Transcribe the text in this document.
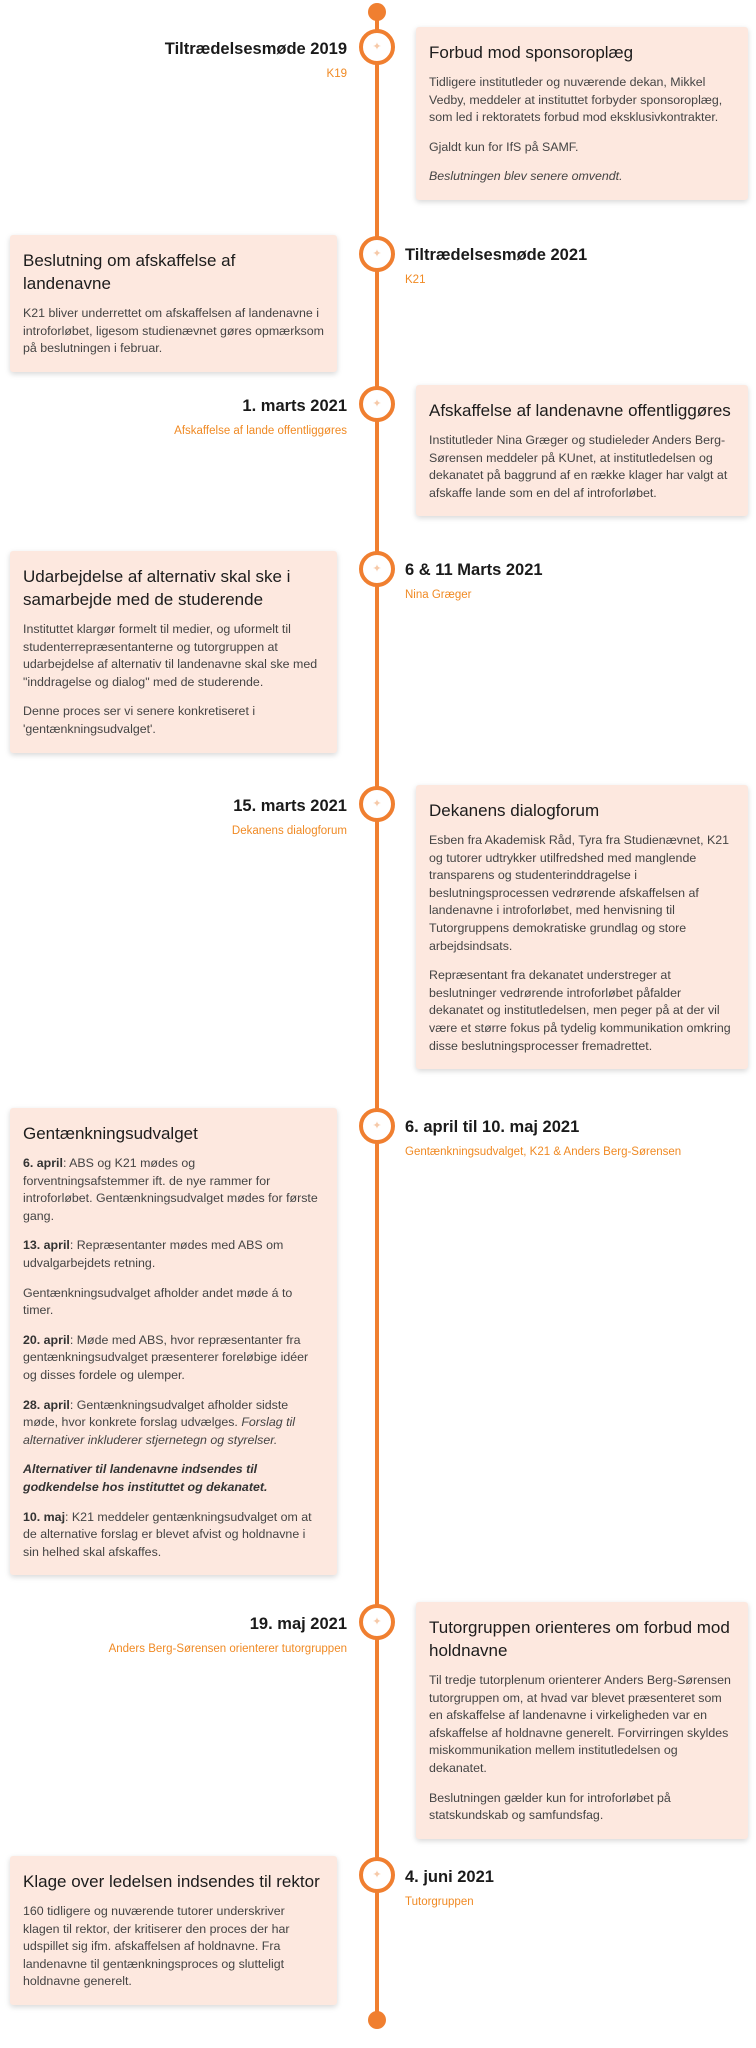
✦
Tiltrædelsesmøde 2019
K19
Forbud mod sponsoroplæg

Tidligere institutleder og nuværende dekan, Mikkel Vedby, meddeler at instituttet forbyder sponsoroplæg, som led i rektoratets forbud mod eksklusivkontrakter.

Gjaldt kun for IfS på SAMF.

Beslutningen blev senere omvendt.

✦ Tiltrædelsesmøde 2021
K21
Beslutning om afskaffelse af landenavne

K21 bliver underrettet om afskaffelsen af landenavne i introforløbet, ligesom studienævnet gøres opmærksom på beslutningen i februar.

✦
1. marts 2021
Afskaffelse af lande offentliggøres
Afskaffelse af landenavne offentliggøres

Institutleder Nina Græger og studieleder Anders Berg-Sørensen meddeler på KUnet, at institutledelsen og dekanatet på baggrund af en række klager har valgt at afskaffe lande som en del af introforløbet.

✦ 6 & 11 Marts 2021
Nina Græger
Udarbejdelse af alternativ skal ske i samarbejde med de studerende

Instituttet klargør formelt til medier, og uformelt til studenterrepræsentanterne og tutorgruppen at udarbejdelse af alternativ til landenavne skal ske med "inddragelse og dialog" med de studerende.

Denne proces ser vi senere konkretiseret i 'gentænkningsudvalget'.

✦
15. marts 2021
Dekanens dialogforum
Dekanens dialogforum

Esben fra Akademisk Råd, Tyra fra Studienævnet, K21 og tutorer udtrykker utilfredshed med manglende transparens og studenterinddragelse i beslutningsprocessen vedrørende afskaffelsen af landenavne i introforløbet, med henvisning til Tutorgruppens demokratiske grundlag og store arbejdsindsats.

Repræsentant fra dekanatet understreger at beslutninger vedrørende introforløbet påfalder dekanatet og institutledelsen, men peger på at der vil være et større fokus på tydelig kommunikation omkring disse beslutningsprocesser fremadrettet.

✦ 6. april til 10. maj 2021
Gentænkningsudvalget, K21 & Anders Berg-Sørensen
Gentænkningsudvalget

6. april: ABS og K21 mødes og forventningsafstemmer ift. de nye rammer for introforløbet. Gentænkningsudvalget mødes for første gang.

13. april: Repræsentanter mødes med ABS om udvalgarbejdets retning.

Gentænkningsudvalget afholder andet møde á to timer.

20. april: Møde med ABS, hvor repræsentanter fra gentænkningsudvalget præsenterer foreløbige idéer og disses fordele og ulemper.

28. april: Gentænkningsudvalget afholder sidste møde, hvor konkrete forslag udvælges. Forslag til alternativer inkluderer stjernetegn og styrelser.

Alternativer til landenavne indsendes til godkendelse hos instituttet og dekanatet.

10. maj: K21 meddeler gentænkningsudvalget om at de alternative forslag er blevet afvist og holdnavne i sin helhed skal afskaffes.

✦
19. maj 2021
Anders Berg-Sørensen orienterer tutorgruppen
Tutorgruppen orienteres om forbud mod holdnavne

Til tredje tutorplenum orienterer Anders Berg-Sørensen tutorgruppen om, at hvad var blevet præsenteret som en afskaffelse af landenavne i virkeligheden var en afskaffelse af holdnavne generelt. Forvirringen skyldes miskommunikation mellem institutledelsen og dekanatet.

Beslutningen gælder kun for introforløbet på statskundskab og samfundsfag.

✦ 4. juni 2021
Tutorgruppen
Klage over ledelsen indsendes til rektor

160 tidligere og nuværende tutorer underskriver klagen til rektor, der kritiserer den proces der har udspillet sig ifm. afskaffelsen af holdnavne. Fra landenavne til gentænkningsproces og slutteligt holdnavne generelt.
